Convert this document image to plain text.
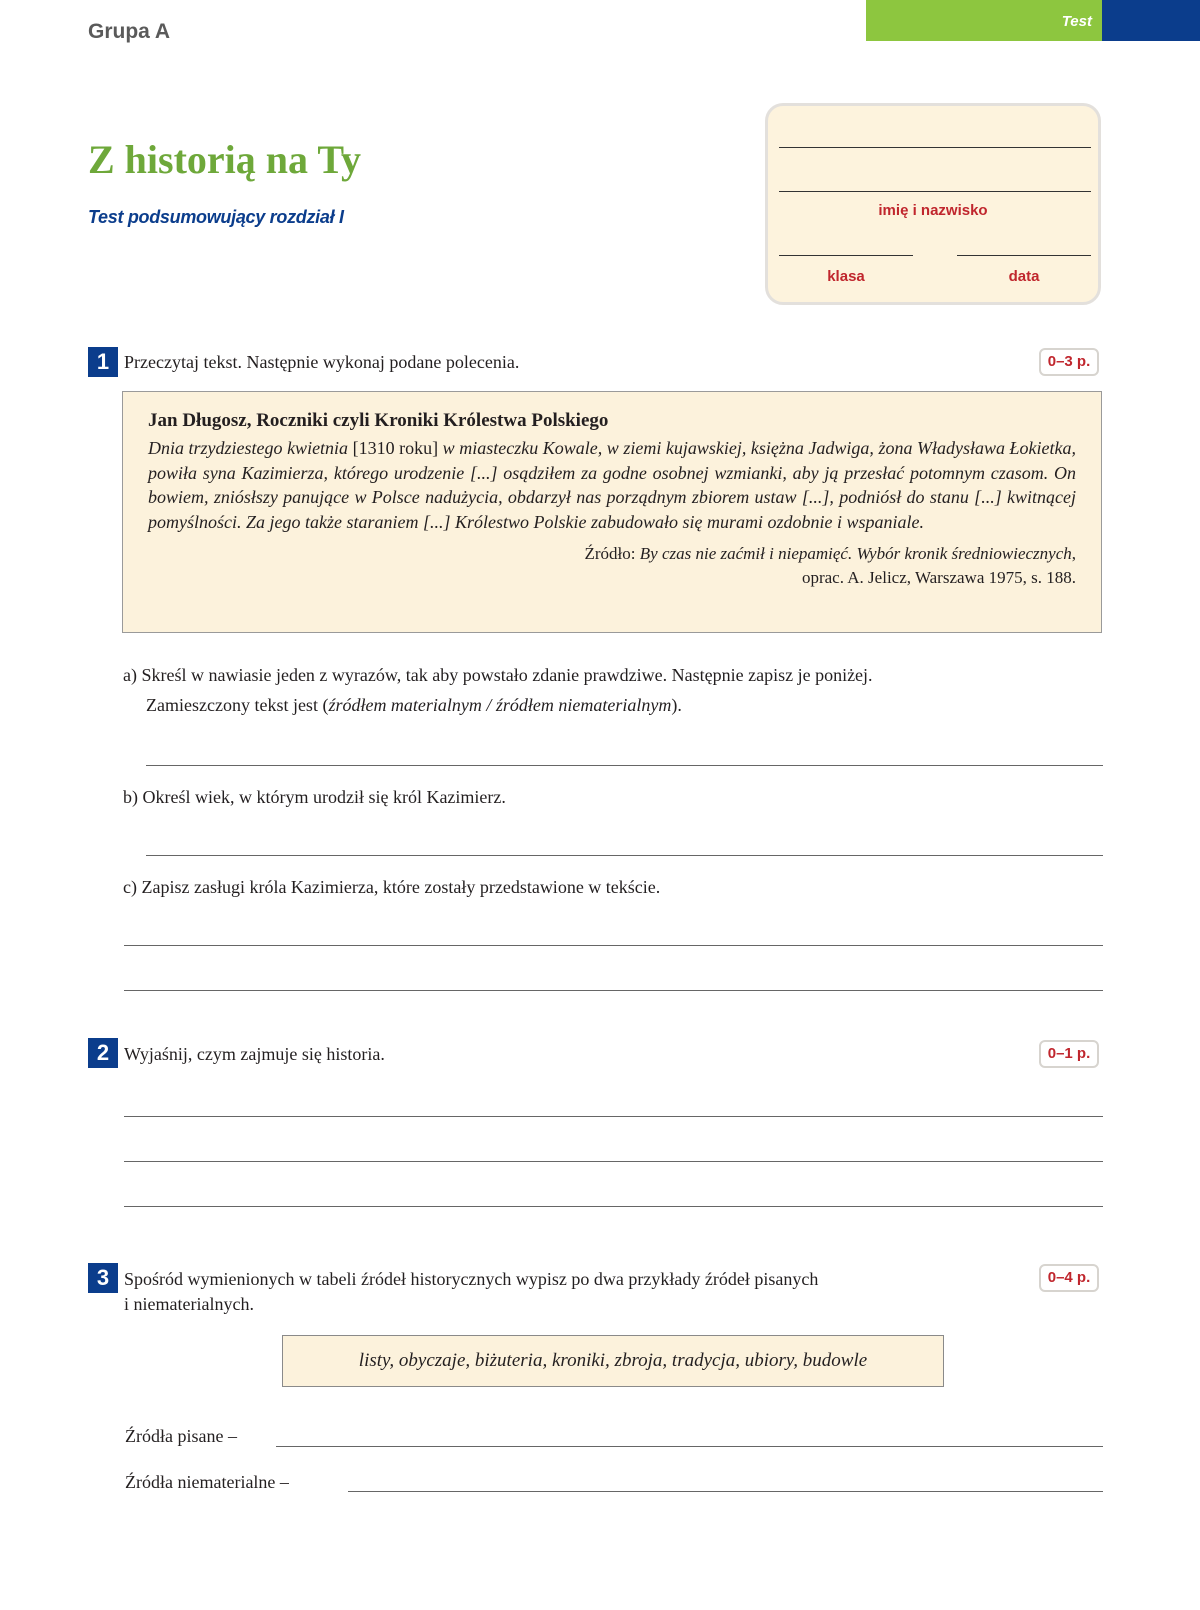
Grupa A	Test
Z historią na Ty
Test podsumowujący rozdział I	imię i nazwisko
klasa	data
1 Przeczytaj tekst. Następnie wykonaj podane polecenia.	0–3 p.

Jan Długosz, Roczniki czyli Kroniki Królestwa Polskiego

Dnia trzydziestego kwietnia [1310 roku] w miasteczku Kowale, w ziemi kujawskiej, księżna Jadwiga, żona Władysława Łokietka, powiła syna Kazimierza, którego urodzenie [...] osądziłem za godne osobnej wzmianki, aby ją przesłać potomnym czasom. On bowiem, zniósłszy panujące w Polsce nadużycia, obdarzył nas porządnym zbiorem ustaw [...], podniósł do stanu [...] kwitnącej pomyślności. Za jego także staraniem [...] Królestwo Polskie zabudowało się murami ozdobnie i wspaniale.

Źródło: By czas nie zaćmił i niepamięć. Wybór kronik średniowiecznych,
oprac. A. Jelicz, Warszawa 1975, s. 188.
a) Skreśl w nawiasie jeden z wyrazów, tak aby powstało zdanie prawdziwe. Następnie zapisz je poniżej.
Zamieszczony tekst jest (źródłem materialnym / źródłem niematerialnym).
b) Określ wiek, w którym urodził się król Kazimierz.
c) Zapisz zasługi króla Kazimierza, które zostały przedstawione w tekście.
2 Wyjaśnij, czym zajmuje się historia.	0–1 p.
3 Spośród wymienionych w tabeli źródeł historycznych wypisz po dwa przykłady źródeł pisanych
i niematerialnych.
0–4 p.
listy, obyczaje, biżuteria, kroniki, zbroja, tradycja, ubiory, budowle
Źródła pisane –
Źródła niematerialne –
